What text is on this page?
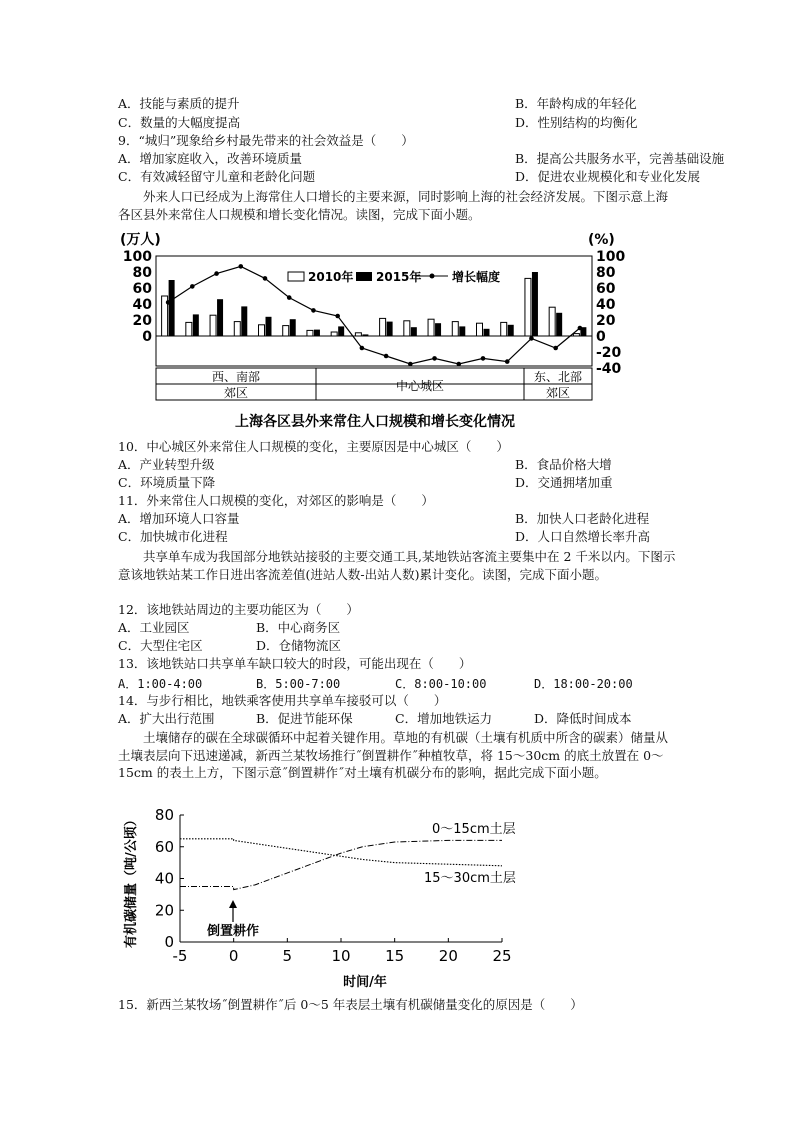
A．技能与素质的提升	B．年龄构成的年轻化
C．数量的大幅度提高	D．性别结构的均衡化
9．“城归”现象给乡村最先带来的社会效益是（　　）
A．增加家庭收入，改善环境质量	B．提高公共服务水平，完善基础设施
C．有效减轻留守儿童和老龄化问题	D．促进农业规模化和专业化发展
外来人口已经成为上海常住人口增长的主要来源，同时影响上海的社会经济发展。下图示意上海各区县外来常住人口规模和增长变化情况。读图，完成下面小题。
(万人)	(%)
100
80
60
40
20
0
100
80
60
40
20
0
-20
-40
2010年 2015年	增长幅度
西、南部
郊区	中心城区
东、北部
郊区
上海各区县外来常住人口规模和增长变化情况
10．中心城区外来常住人口规模的变化，主要原因是中心城区（　　）
A．产业转型升级	B．食品价格大增
C．环境质量下降	D．交通拥堵加重
11．外来常住人口规模的变化，对郊区的影响是（　　）
A．增加环境人口容量	B．加快人口老龄化进程
C．加快城市化进程	D．人口自然增长率升高
共享单车成为我国部分地铁站接驳的主要交通工具,某地铁站客流主要集中在 2 千米以内。下图示意该地铁站某工作日进出客流差值(进站人数-出站人数)累计变化。读图，完成下面小题。
12．该地铁站周边的主要功能区为（　　）
A．工业园区	B．中心商务区
C．大型住宅区	D．仓储物流区
13．该地铁站口共享单车缺口较大的时段，可能出现在（　　）
A．1:00-4:00	B．5:00-7:00	C．8:00-10:00	D．18:00-20:00
14．与步行相比，地铁乘客使用共享单车接驳可以（　　）
A．扩大出行范围	B．促进节能环保	C．增加地铁运力	D．降低时间成本
土壤储存的碳在全球碳循环中起着关键作用。草地的有机碳（土壤有机质中所含的碳素）储量从土壤表层向下迅速递减，新西兰某牧场推行˝倒置耕作˝种植牧草，将 15～30cm 的底土放置在 0～15cm 的表土上方，下图示意˝倒置耕作˝对土壤有机碳分布的影响，据此完成下面小题。
有机碳储量（吨/公顷）
-5	0	5	10 15 20 25
0
20
40
60
80
0～15cm土层
15～30cm土层
倒置耕作
时间/年
15．新西兰某牧场˝倒置耕作˝后 0～5 年表层土壤有机碳储量变化的原因是（　　）
